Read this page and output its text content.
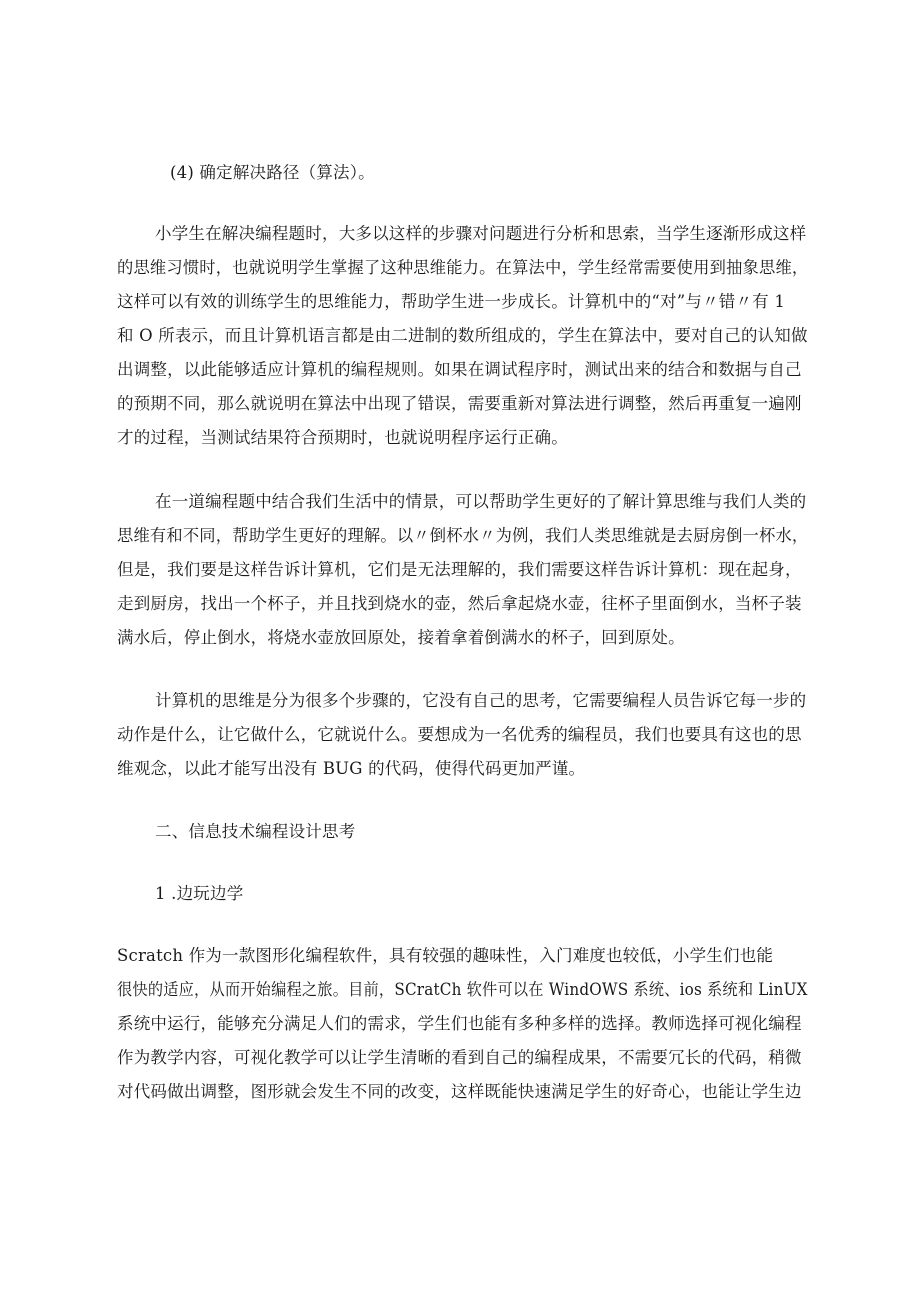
(4) 确定解决路径（算法）。
小学生在解决编程题时，大多以这样的步骤对问题进行分析和思索，当学生逐渐形成这样
的思维习惯时，也就说明学生掌握了这种思维能力。在算法中，学生经常需要使用到抽象思维，
这样可以有效的训练学生的思维能力，帮助学生进一步成长。计算机中的“对”与〃错〃有 1
和 O 所表示，而且计算机语言都是由二进制的数所组成的，学生在算法中，要对自己的认知做
出调整，以此能够适应计算机的编程规则。如果在调试程序时，测试出来的结合和数据与自己
的预期不同，那么就说明在算法中出现了错误，需要重新对算法进行调整，然后再重复一遍刚
才的过程，当测试结果符合预期时，也就说明程序运行正确。
在一道编程题中结合我们生活中的情景，可以帮助学生更好的了解计算思维与我们人类的
思维有和不同，帮助学生更好的理解。以〃倒杯水〃为例，我们人类思维就是去厨房倒一杯水，
但是，我们要是这样告诉计算机，它们是无法理解的，我们需要这样告诉计算机：现在起身，
走到厨房，找出一个杯子，并且找到烧水的壶，然后拿起烧水壶，往杯子里面倒水，当杯子装
满水后，停止倒水，将烧水壶放回原处，接着拿着倒满水的杯子，回到原处。
计算机的思维是分为很多个步骤的，它没有自己的思考，它需要编程人员告诉它每一步的
动作是什么，让它做什么，它就说什么。要想成为一名优秀的编程员，我们也要具有这也的思
维观念，以此才能写出没有 BUG 的代码，使得代码更加严谨。
二、信息技术编程设计思考
1 .边玩边学
Scratch 作为一款图形化编程软件，具有较强的趣味性，入门难度也较低，小学生们也能
很快的适应，从而开始编程之旅。目前，SCratCh 软件可以在 WindOWS 系统、ios 系统和 LinUX
系统中运行，能够充分满足人们的需求，学生们也能有多种多样的选择。教师选择可视化编程
作为教学内容，可视化教学可以让学生清晰的看到自己的编程成果，不需要冗长的代码，稍微
对代码做出调整，图形就会发生不同的改变，这样既能快速满足学生的好奇心，也能让学生边
